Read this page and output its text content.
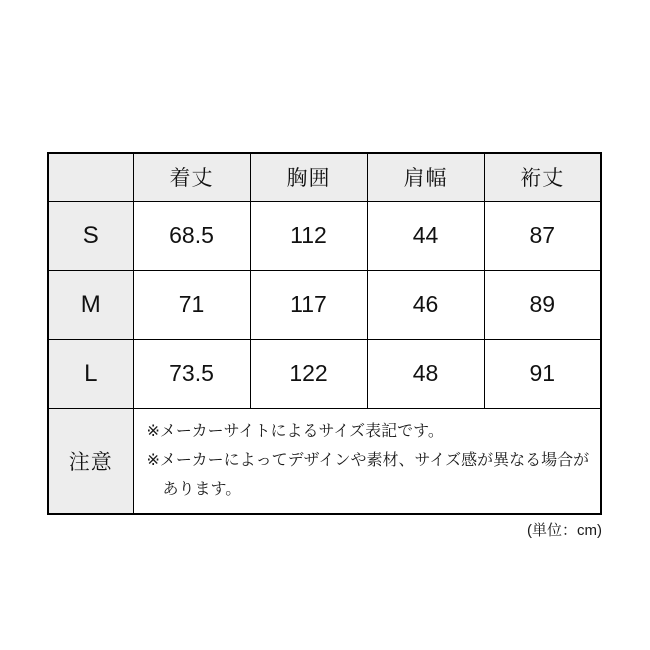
	着丈	胸囲	肩幅	裄丈
S	68.5	112	44	87
M	71	117	46	89
L	73.5	122	48	91
注意	※メーカーサイトによるサイズ表記です。
※メーカーによってデザインや素材、サイズ感が異なる場合があります。			
(単位：cm)
